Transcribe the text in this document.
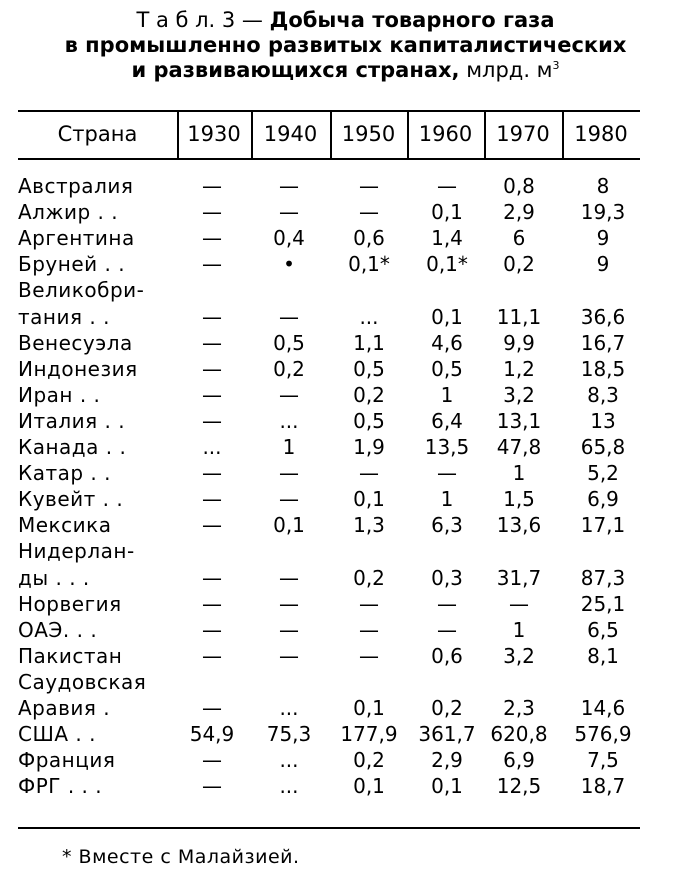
Т а б л. 3 — Добыча товарного газа
в промышленно развитых капиталистических
и развивающихся странах, млрд. $м^3$
Страна	1930	1940	1950	1960	1970	1980
Австралия	—	—	—	—	0,8	8
Алжир . .	—	—	—	0,1	2,9	19,3
Аргентина	—	0,4	0,6	1,4	6	9
Бруней . .	—	•	0,1*	0,1*	0,2	9
Великобри-
тания . .	—	—	...	0,1	11,1	36,6
Венесуэла	—	0,5	1,1	4,6	9,9	16,7
Индонезия	—	0,2	0,5	0,5	1,2	18,5
Иран . .	—	—	0,2	1	3,2	8,3
Италия . .	—	...	0,5	6,4	13,1	13
Канада . .	...	1	1,9	13,5	47,8	65,8
Катар . .	—	—	—	—	1	5,2
Кувейт . .	—	—	0,1	1	1,5	6,9
Мексика	—	0,1	1,3	6,3	13,6	17,1
Нидерлан-
ды . . .	—	—	0,2	0,3	31,7	87,3
Норвегия	—	—	—	—	—	25,1
ОАЭ. . .	—	—	—	—	1	6,5
Пакистан	—	—	—	0,6	3,2	8,1
Саудовская
Аравия .	—	...	0,1	0,2	2,3	14,6
США . .	54,9	75,3	177,9	361,7 620,8	576,9
Франция	—	...	0,2	2,9	6,9	7,5
ФРГ . . .	—	...	0,1	0,1	12,5	18,7
* Вместе с Малайзией.
